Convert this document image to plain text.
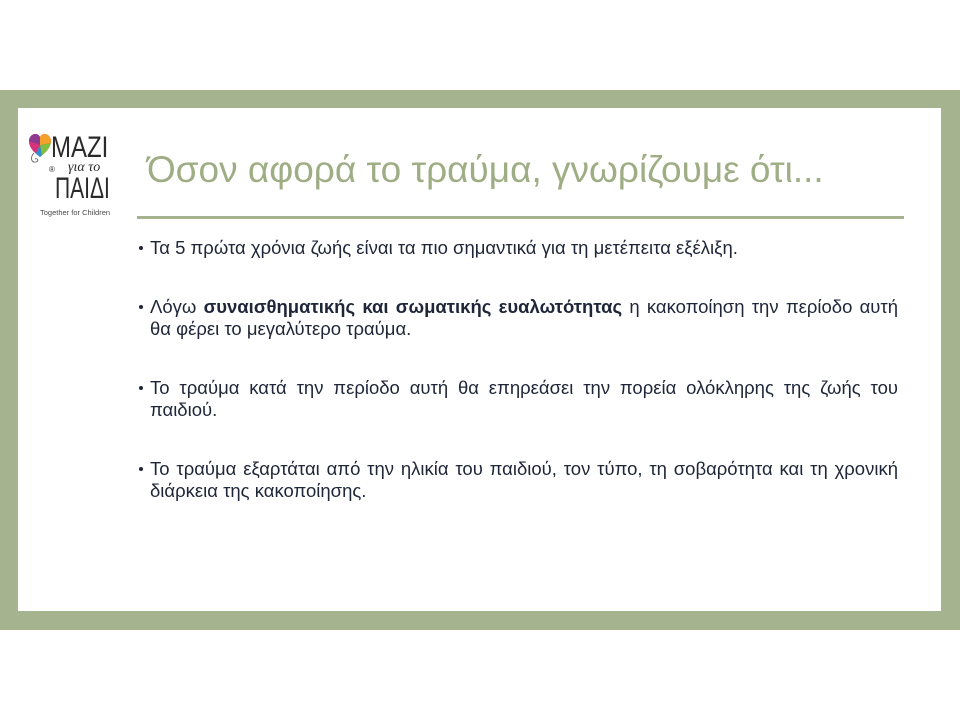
ΜΑΖΙ
για το
®
ΠΑΙΔΙ
Together for Children
Όσον αφορά το τραύμα, γνωρίζουμε ότι...
Τα 5 πρώτα χρόνια ζωής είναι τα πιο σημαντικά για τη μετέπειτα εξέλιξη.
Λόγω συναισθηματικής και σωματικής ευαλωτότητας η κακοποίηση την περίοδο αυτή θα φέρει το μεγαλύτερο τραύμα.
Το τραύμα κατά την περίοδο αυτή θα επηρεάσει την πορεία ολόκληρης της ζωής του παιδιού.
Το τραύμα εξαρτάται από την ηλικία του παιδιού, τον τύπο, τη σοβαρότητα και τη χρονική διάρκεια της κακοποίησης.
